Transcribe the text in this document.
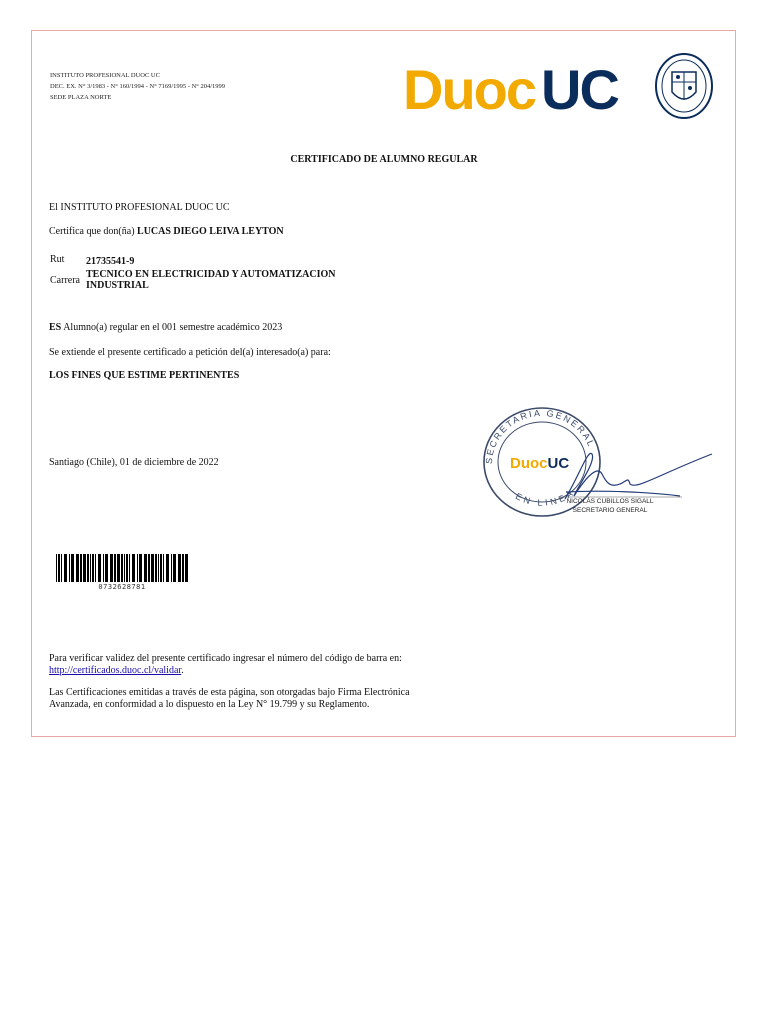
INSTITUTO PROFESIONAL DUOC UC
DEC. EX. N° 3/1983 - N° 160/1994 - N° 7169/1995 - N° 204/1999
SEDE PLAZA NORTE	Duoc UC
CERTIFICADO DE ALUMNO REGULAR
El INSTITUTO PROFESIONAL DUOC UC
Certifica que don(ña) LUCAS DIEGO LEIVA LEYTON
Rut 21735541-9
Carrera
TECNICO EN ELECTRICIDAD Y AUTOMATIZACION
INDUSTRIAL
ES Alumno(a) regular en el 001 semestre académico 2023
Se extiende el presente certificado a petición del(a) interesado(a) para:
LOS FINES QUE ESTIME PERTINENTES
Santiago (Chile), 01 de diciembre de 2022	SECRETARIA GENERAL
EN LINEA
DuocUC
NICOLÁS CUBILLOS SIGALL
SECRETARIO GENERAL
0732628781
Para verificar validez del presente certificado ingresar el número del código de barra en:
http://certificados.duoc.cl/validar.
Las Certificaciones emitidas a través de esta página, son otorgadas bajo Firma Electrónica
Avanzada, en conformidad a lo dispuesto en la Ley N° 19.799 y su Reglamento.
